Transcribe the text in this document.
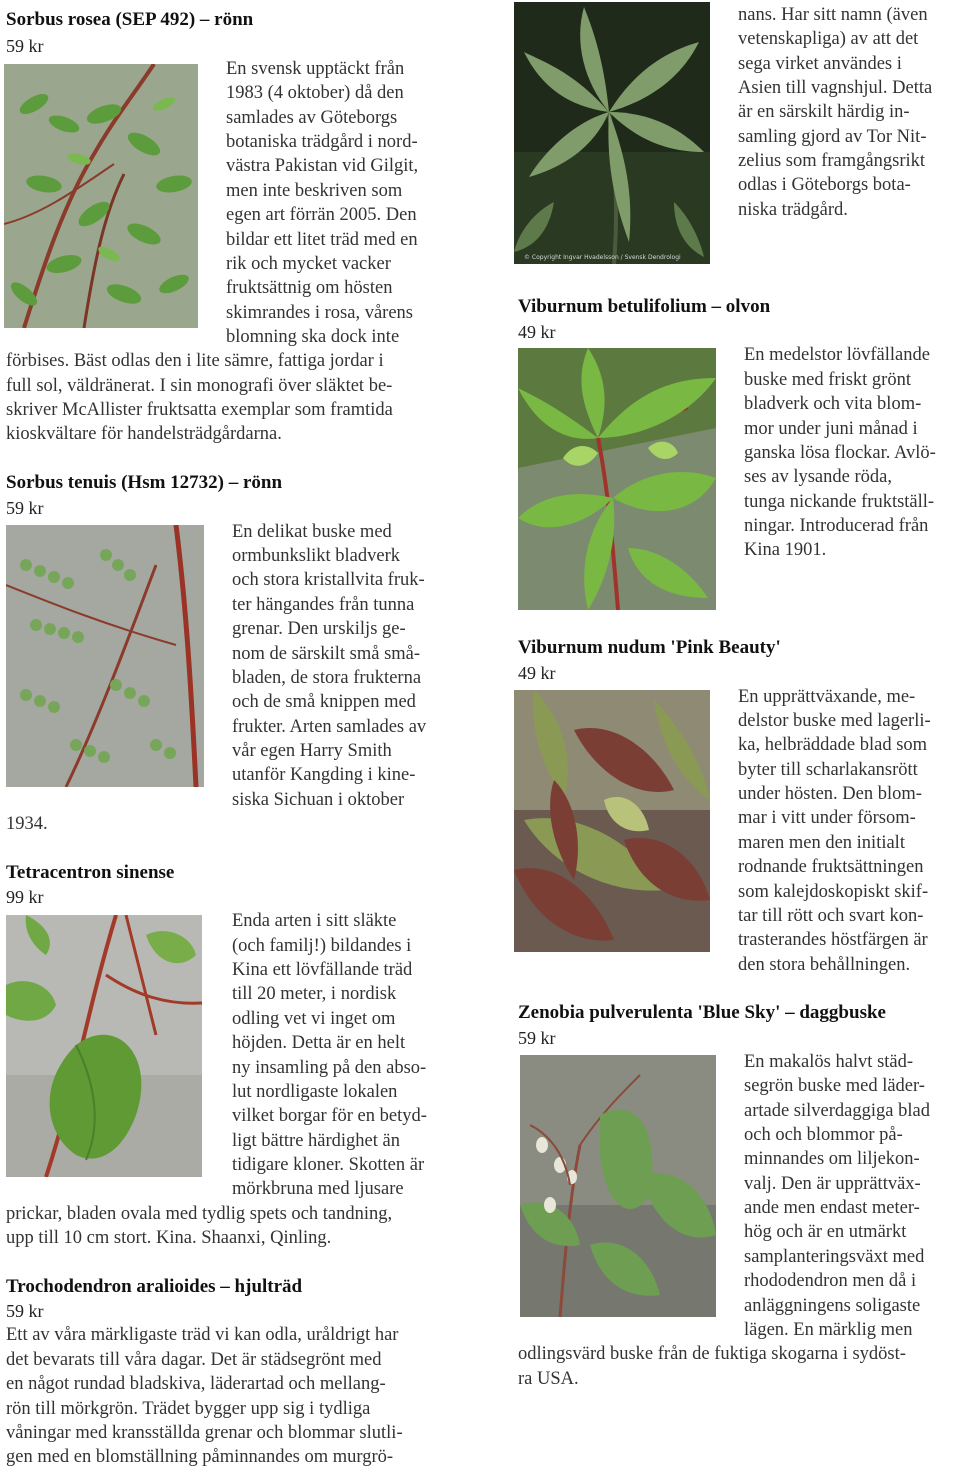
Sorbus rosea (SEP 492) – rönn
59 kr
En svensk upptäckt från
1983 (4 oktober) då den
samlades av Göteborgs
botaniska trädgård i nord-
västra Pakistan vid Gilgit,
men inte beskriven som
egen art förrän 2005. Den
bildar ett litet träd med en
rik och mycket vacker
fruktsättnig om hösten
skimrandes i rosa, vårens
blomning ska dock inte
förbises. Bäst odlas den i lite sämre, fattiga jordar i
full sol, väldränerat. I sin monografi över släktet be-
skriver McAllister fruktsatta exemplar som framtida
kioskvältare för handelsträdgårdarna.
Sorbus tenuis (Hsm 12732) – rönn
59 kr
En delikat buske med
ormbunkslikt bladverk
och stora kristallvita fruk-
ter hängandes från tunna
grenar. Den urskiljs ge-
nom de särskilt små små-
bladen, de stora frukterna
och de små knippen med
frukter. Arten samlades av
vår egen Harry Smith
utanför Kangding i kine-
siska Sichuan i oktober
1934.
Tetracentron sinense
99 kr
Enda arten i sitt släkte
(och familj!) bildandes i
Kina ett lövfällande träd
till 20 meter, i nordisk
odling vet vi inget om
höjden. Detta är en helt
ny insamling på den abso-
lut nordligaste lokalen
vilket borgar för en betyd-
ligt bättre härdighet än
tidigare kloner. Skotten är
mörkbruna med ljusare
prickar, bladen ovala med tydlig spets och tandning,
upp till 10 cm stort. Kina. Shaanxi, Qinling.
Trochodendron aralioides – hjulträd
59 kr
Ett av våra märkligaste träd vi kan odla, uråldrigt har
det bevarats till våra dagar. Det är städsegrönt med
en något rundad bladskiva, läderartad och mellang-
rön till mörkgrön. Trädet bygger upp sig i tydliga
våningar med kransställda grenar och blommar slutli-
gen med en blomställning påminnandes om murgrö-
© Copyright Ingvar Hvadelsson / Svensk Dendrologi
nans. Har sitt namn (även
vetenskapliga) av att det
sega virket användes i
Asien till vagnshjul. Detta
är en särskilt härdig in-
samling gjord av Tor Nit-
zelius som framgångsrikt
odlas i Göteborgs bota-
niska trädgård.
Viburnum betulifolium – olvon
49 kr
En medelstor lövfällande
buske med friskt grönt
bladverk och vita blom-
mor under juni månad i
ganska lösa flockar. Avlö-
ses av lysande röda,
tunga nickande fruktställ-
ningar. Introducerad från
Kina 1901.
Viburnum nudum 'Pink Beauty'
49 kr
En upprättväxande, me-
delstor buske med lagerli-
ka, helbräddade blad som
byter till scharlakansrött
under hösten. Den blom-
mar i vitt under försom-
maren men den initialt
rodnande fruktsättningen
som kalejdoskopiskt skif-
tar till rött och svart kon-
trasterandes höstfärgen är
den stora behållningen.
Zenobia pulverulenta 'Blue Sky' – daggbuske
59 kr
En makalös halvt städ-
segrön buske med läder-
artade silverdaggiga blad
och och blommor på-
minnandes om liljekon-
valj. Den är upprättväx-
ande men endast meter-
hög och är en utmärkt
samplanteringsväxt med
rhododendron men då i
anläggningens soligaste
lägen. En märklig men
odlingsvärd buske från de fuktiga skogarna i sydöst-
ra USA.
